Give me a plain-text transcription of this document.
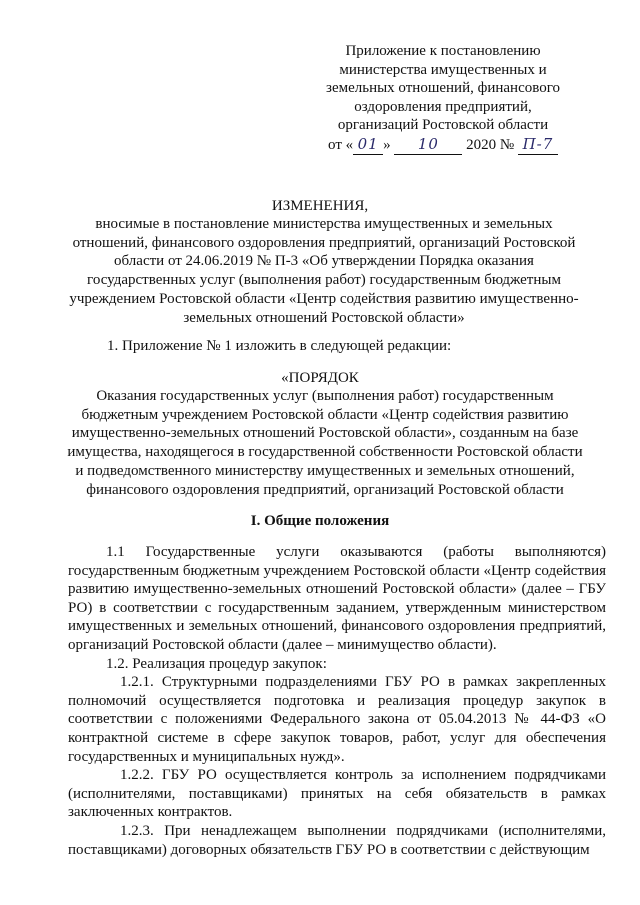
Приложение к постановлению
министерства имущественных и
земельных отношений, финансового
оздоровления предприятий,
организаций Ростовской области
от « 01 » 10 2020 № П-7
ИЗМЕНЕНИЯ,
вносимые в постановление министерства имущественных и земельных отношений, финансового оздоровления предприятий, организаций Ростовской области от 24.06.2019 № П-3 «Об утверждении Порядка оказания государственных услуг (выполнения работ) государственным бюджетным учреждением Ростовской области «Центр содействия развитию имущественно-земельных отношений Ростовской области»
1. Приложение № 1 изложить в следующей редакции:
«ПОРЯДОК
Оказания государственных услуг (выполнения работ) государственным бюджетным учреждением Ростовской области «Центр содействия развитию имущественно-земельных отношений Ростовской области», созданным на базе имущества, находящегося в государственной собственности Ростовской области и подведомственного министерству имущественных и земельных отношений, финансового оздоровления предприятий, организаций Ростовской области
I. Общие положения

1.1 Государственные услуги оказываются (работы выполняются) государственным бюджетным учреждением Ростовской области «Центр содействия развитию имущественно-земельных отношений Ростовской области» (далее – ГБУ РО) в соответствии с государственным заданием, утвержденным министерством имущественных и земельных отношений, финансового оздоровления предприятий, организаций Ростовской области (далее – минимущество области).

1.2. Реализация процедур закупок:

1.2.1. Структурными подразделениями ГБУ РО в рамках закрепленных полномочий осуществляется подготовка и реализация процедур закупок в соответствии с положениями Федерального закона от 05.04.2013 № 44-ФЗ «О контрактной системе в сфере закупок товаров, работ, услуг для обеспечения государственных и муниципальных нужд».

1.2.2. ГБУ РО осуществляется контроль за исполнением подрядчиками (исполнителями, поставщиками) принятых на себя обязательств в рамках заключенных контрактов.

1.2.3. При ненадлежащем выполнении подрядчиками (исполнителями, поставщиками) договорных обязательств ГБУ РО в соответствии с действующим
